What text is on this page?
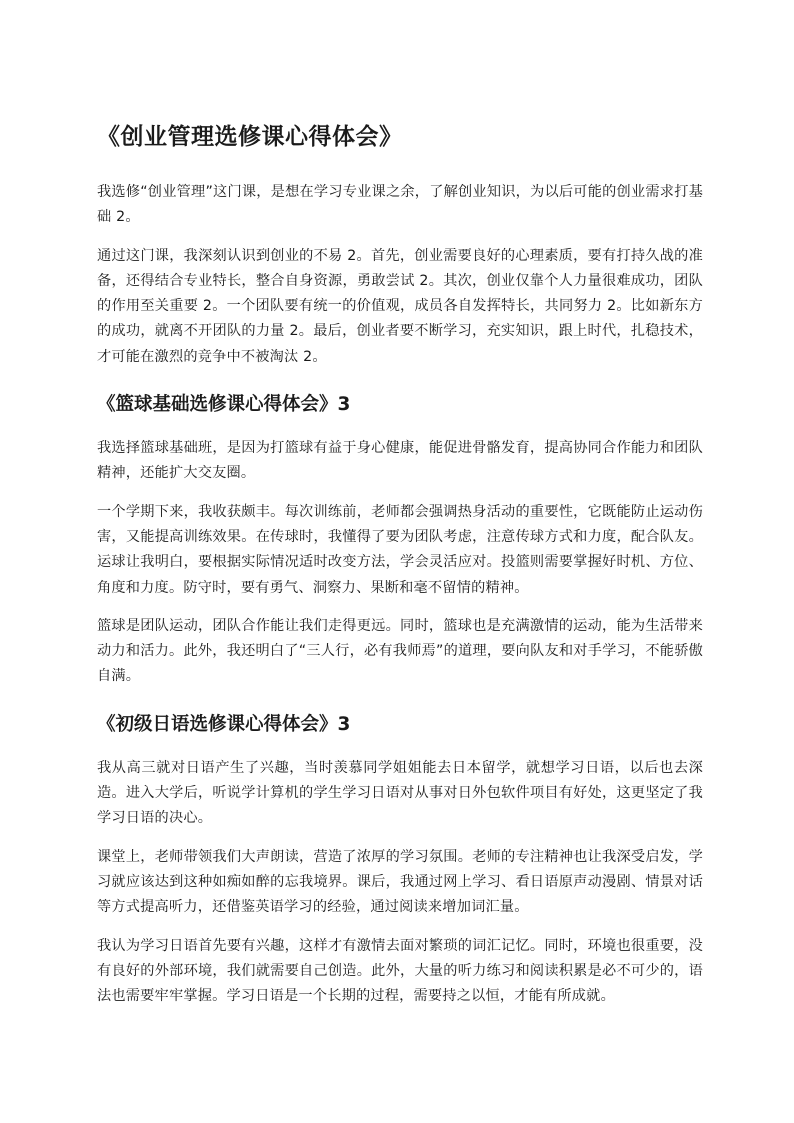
《创业管理选修课心得体会》

我选修“创业管理”这门课，是想在学习专业课之余，了解创业知识，为以后可能的创业需求打基础 2。

通过这门课，我深刻认识到创业的不易 2。首先，创业需要良好的心理素质，要有打持久战的准备，还得结合专业特长，整合自身资源，勇敢尝试 2。其次，创业仅靠个人力量很难成功，团队的作用至关重要 2。一个团队要有统一的价值观，成员各自发挥特长，共同努力 2。比如新东方的成功，就离不开团队的力量 2。最后，创业者要不断学习，充实知识，跟上时代，扎稳技术，才可能在激烈的竞争中不被淘汰 2。

《篮球基础选修课心得体会》3

我选择篮球基础班，是因为打篮球有益于身心健康，能促进骨骼发育，提高协同合作能力和团队精神，还能扩大交友圈。

一个学期下来，我收获颇丰。每次训练前，老师都会强调热身活动的重要性，它既能防止运动伤害，又能提高训练效果。在传球时，我懂得了要为团队考虑，注意传球方式和力度，配合队友。运球让我明白，要根据实际情况适时改变方法，学会灵活应对。投篮则需要掌握好时机、方位、角度和力度。防守时，要有勇气、洞察力、果断和毫不留情的精神。

篮球是团队运动，团队合作能让我们走得更远。同时，篮球也是充满激情的运动，能为生活带来动力和活力。此外，我还明白了“三人行，必有我师焉”的道理，要向队友和对手学习，不能骄傲自满。

《初级日语选修课心得体会》3

我从高三就对日语产生了兴趣，当时羡慕同学姐姐能去日本留学，就想学习日语，以后也去深造。进入大学后，听说学计算机的学生学习日语对从事对日外包软件项目有好处，这更坚定了我学习日语的决心。

课堂上，老师带领我们大声朗读，营造了浓厚的学习氛围。老师的专注精神也让我深受启发，学习就应该达到这种如痴如醉的忘我境界。课后，我通过网上学习、看日语原声动漫剧、情景对话等方式提高听力，还借鉴英语学习的经验，通过阅读来增加词汇量。

我认为学习日语首先要有兴趣，这样才有激情去面对繁琐的词汇记忆。同时，环境也很重要，没有良好的外部环境，我们就需要自己创造。此外，大量的听力练习和阅读积累是必不可少的，语法也需要牢牢掌握。学习日语是一个长期的过程，需要持之以恒，才能有所成就。
